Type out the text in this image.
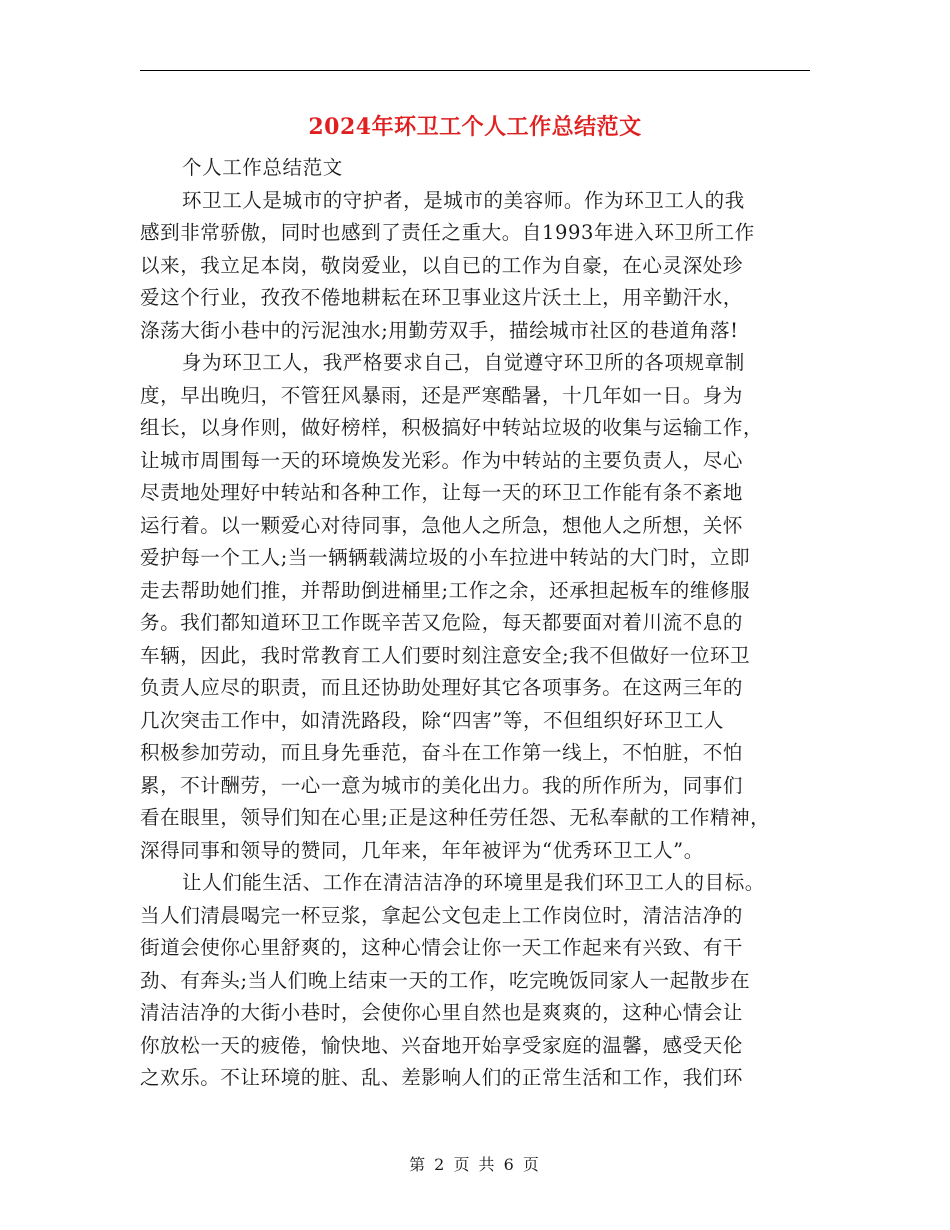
2024年环卫工个人工作总结范文
个人工作总结范文
环卫工人是城市的守护者，是城市的美容师。作为环卫工人的我
感到非常骄傲，同时也感到了责任之重大。自1993年进入环卫所工作
以来，我立足本岗，敬岗爱业，以自已的工作为自豪，在心灵深处珍
爱这个行业，孜孜不倦地耕耘在环卫事业这片沃土上，用辛勤汗水，
涤荡大街小巷中的污泥浊水;用勤劳双手，描绘城市社区的巷道角落!
身为环卫工人，我严格要求自己，自觉遵守环卫所的各项规章制
度，早出晚归，不管狂风暴雨，还是严寒酷暑，十几年如一日。身为
组长，以身作则，做好榜样，积极搞好中转站垃圾的收集与运输工作，
让城市周围每一天的环境焕发光彩。作为中转站的主要负责人，尽心
尽责地处理好中转站和各种工作，让每一天的环卫工作能有条不紊地
运行着。以一颗爱心对待同事，急他人之所急，想他人之所想，关怀
爱护每一个工人;当一辆辆载满垃圾的小车拉进中转站的大门时，立即
走去帮助她们推，并帮助倒进桶里;工作之余，还承担起板车的维修服
务。我们都知道环卫工作既辛苦又危险，每天都要面对着川流不息的
车辆，因此，我时常教育工人们要时刻注意安全;我不但做好一位环卫
负责人应尽的职责，而且还协助处理好其它各项事务。在这两三年的
几次突击工作中，如清洗路段，除“四害”等，不但组织好环卫工人
积极参加劳动，而且身先垂范，奋斗在工作第一线上，不怕脏，不怕
累，不计酬劳，一心一意为城市的美化出力。我的所作所为，同事们
看在眼里，领导们知在心里;正是这种任劳任怨、无私奉献的工作精神，
深得同事和领导的赞同，几年来，年年被评为“优秀环卫工人”。
让人们能生活、工作在清洁洁净的环境里是我们环卫工人的目标。
当人们清晨喝完一杯豆浆，拿起公文包走上工作岗位时，清洁洁净的
街道会使你心里舒爽的，这种心情会让你一天工作起来有兴致、有干
劲、有奔头;当人们晚上结束一天的工作，吃完晚饭同家人一起散步在
清洁洁净的大街小巷时，会使你心里自然也是爽爽的，这种心情会让
你放松一天的疲倦，愉快地、兴奋地开始享受家庭的温馨，感受天伦
之欢乐。不让环境的脏、乱、差影响人们的正常生活和工作，我们环
第 2 页 共 6 页
